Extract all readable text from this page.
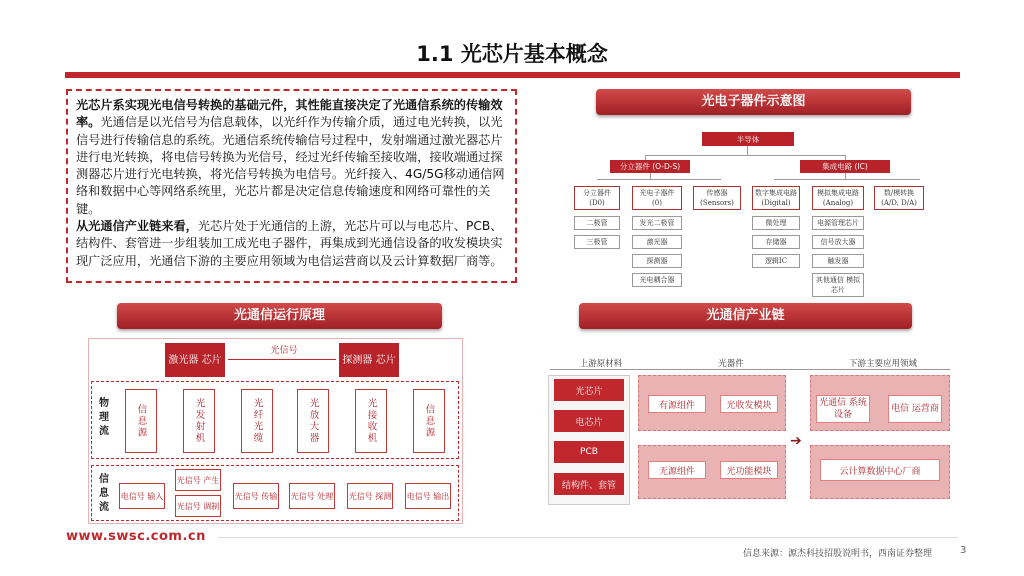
1.1 光芯片基本概念

光芯片系实现光电信号转换的基础元件，其性能直接决定了光通信系统的传输效率。光通信是以光信号为信息载体，以光纤作为传输介质，通过电光转换，以光信号进行传输信息的系统。光通信系统传输信号过程中，发射端通过激光器芯片进行电光转换，将电信号转换为光信号，经过光纤传输至接收端，接收端通过探测器芯片进行光电转换，将光信号转换为电信号。光纤接入、4G/5G移动通信网络和数据中心等网络系统里，光芯片都是决定信息传输速度和网络可靠性的关键。

从光通信产业链来看，光芯片处于光通信的上游，光芯片可以与电芯片、PCB、结构件、套管进一步组装加工成光电子器件，再集成到光通信设备的收发模块实现广泛应用，光通信下游的主要应用领域为电信运营商以及云计算数据厂商等。

光电子器件示意图
半导体
分立器件 (O-D-S)	集成电路 (IC)
分立器件 (D0)
二极管
三极管
光电子器件 (0)
发光二极管
激光器
探测器
光电耦合器
传感器 (Sensors)
数字集成电路 (Digital)
微处理
存储器
逻辑IC
模拟集成电路 (Analog)
电源管理芯片
信号放大器
触发器
其他通信 模拟芯片
数/模转换 (A/D, D/A)
光通信运行原理
激光器 芯片	探测器 芯片
光信号
物理流	信息源	光发射机	光纤光缆	光放大器	光接收机	信息源
信息流
电信号 输入
光信号 产生
光信号 调制
光信号 传输 光信号 处理 光信号 探测 电信号 输出
光通信产业链
上游原材料	光器件	下游主要应用领域
光芯片
电芯片
PCB
结构件、套管
有源组件	光收发模块
无源组件	光功能模块
➔
光通信 系统设备
电信 运营商
云计算数据中心厂商
www.swsc.com.cn
信息来源：源杰科技招股说明书，西南证券整理	3
